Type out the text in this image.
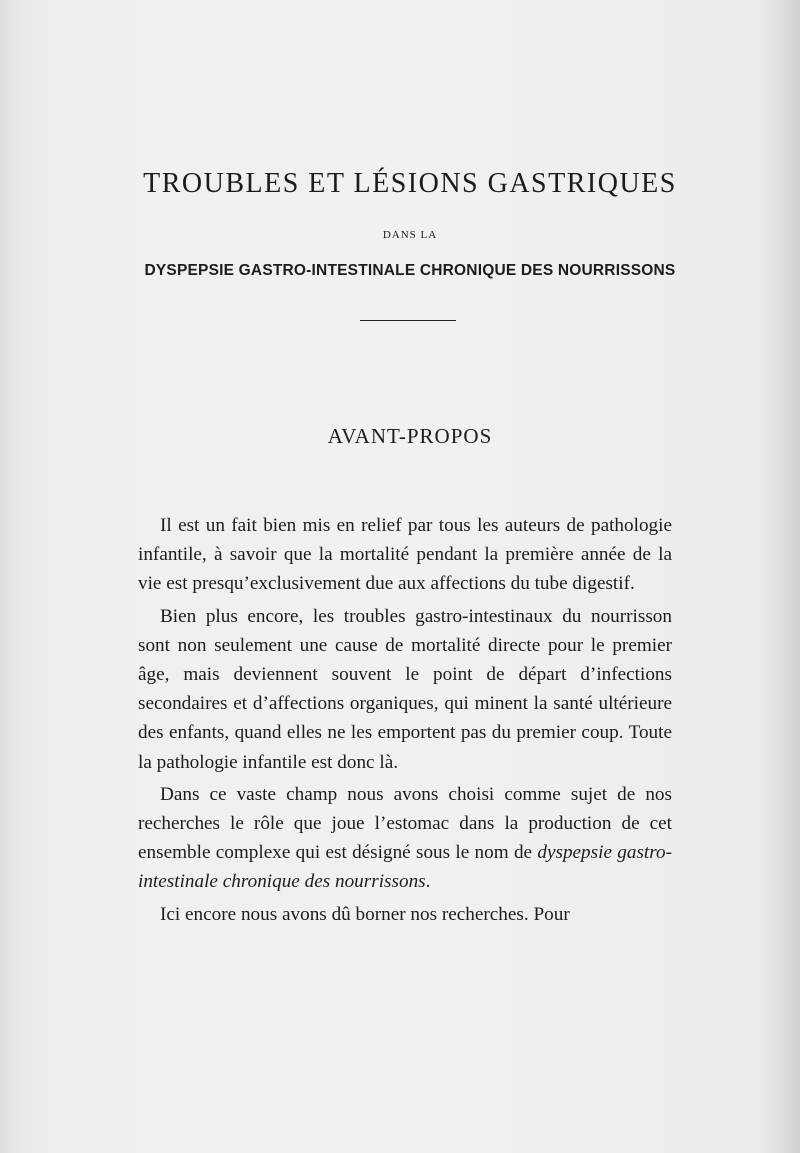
TROUBLES ET LÉSIONS GASTRIQUES
DANS LA
DYSPEPSIE GASTRO-INTESTINALE CHRONIQUE DES NOURRISSONS
AVANT-PROPOS

Il est un fait bien mis en relief par tous les auteurs de pathologie infantile, à savoir que la mortalité pendant la première année de la vie est presqu’exclusivement due aux affections du tube digestif.

Bien plus encore, les troubles gastro-intestinaux du nourrisson sont non seulement une cause de mortalité directe pour le premier âge, mais deviennent souvent le point de départ d’infections secondaires et d’affections organiques, qui minent la santé ultérieure des enfants, quand elles ne les emportent pas du premier coup. Toute la pathologie infantile est donc là.

Dans ce vaste champ nous avons choisi comme sujet de nos recherches le rôle que joue l’estomac dans la production de cet ensemble complexe qui est désigné sous le nom de dyspepsie gastro-intestinale chronique des nourrissons.

Ici encore nous avons dû borner nos recherches. Pour
